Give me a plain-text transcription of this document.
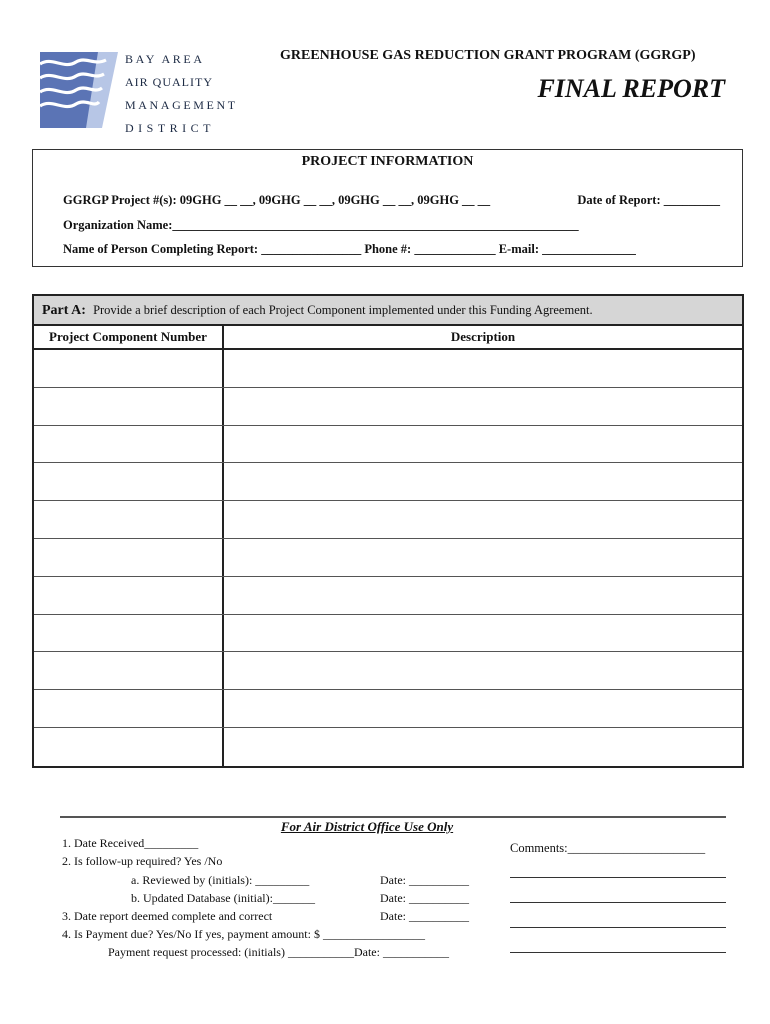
BAY AREA
AIR QUALITY
MANAGEMENT
DISTRICT
GREENHOUSE GAS REDUCTION GRANT PROGRAM (GGRGP)
FINAL REPORT
PROJECT INFORMATION
GGRGP Project #(s): 09GHG __ __, 09GHG __ __, 09GHG __ __, 09GHG __ __	Date of Report: _________
Organization Name:_________________________________________________________________
Name of Person Completing Report: ________________ Phone #: _____________ E-mail: _______________
Part A: Provide a brief description of each Project Component implemented under this Funding Agreement.
Project Component Number	Description
For Air District Office Use Only
1. Date Received_________
2. Is follow-up required? Yes /No
a. Reviewed by (initials): _________	Date: __________
b. Updated Database (initial):_______	Date: __________
3. Date report deemed complete and correct	Date: __________
4. Is Payment due? Yes/No If yes, payment amount: $ _________________
Payment request processed: (initials) ___________Date: ___________
Comments:______________________
